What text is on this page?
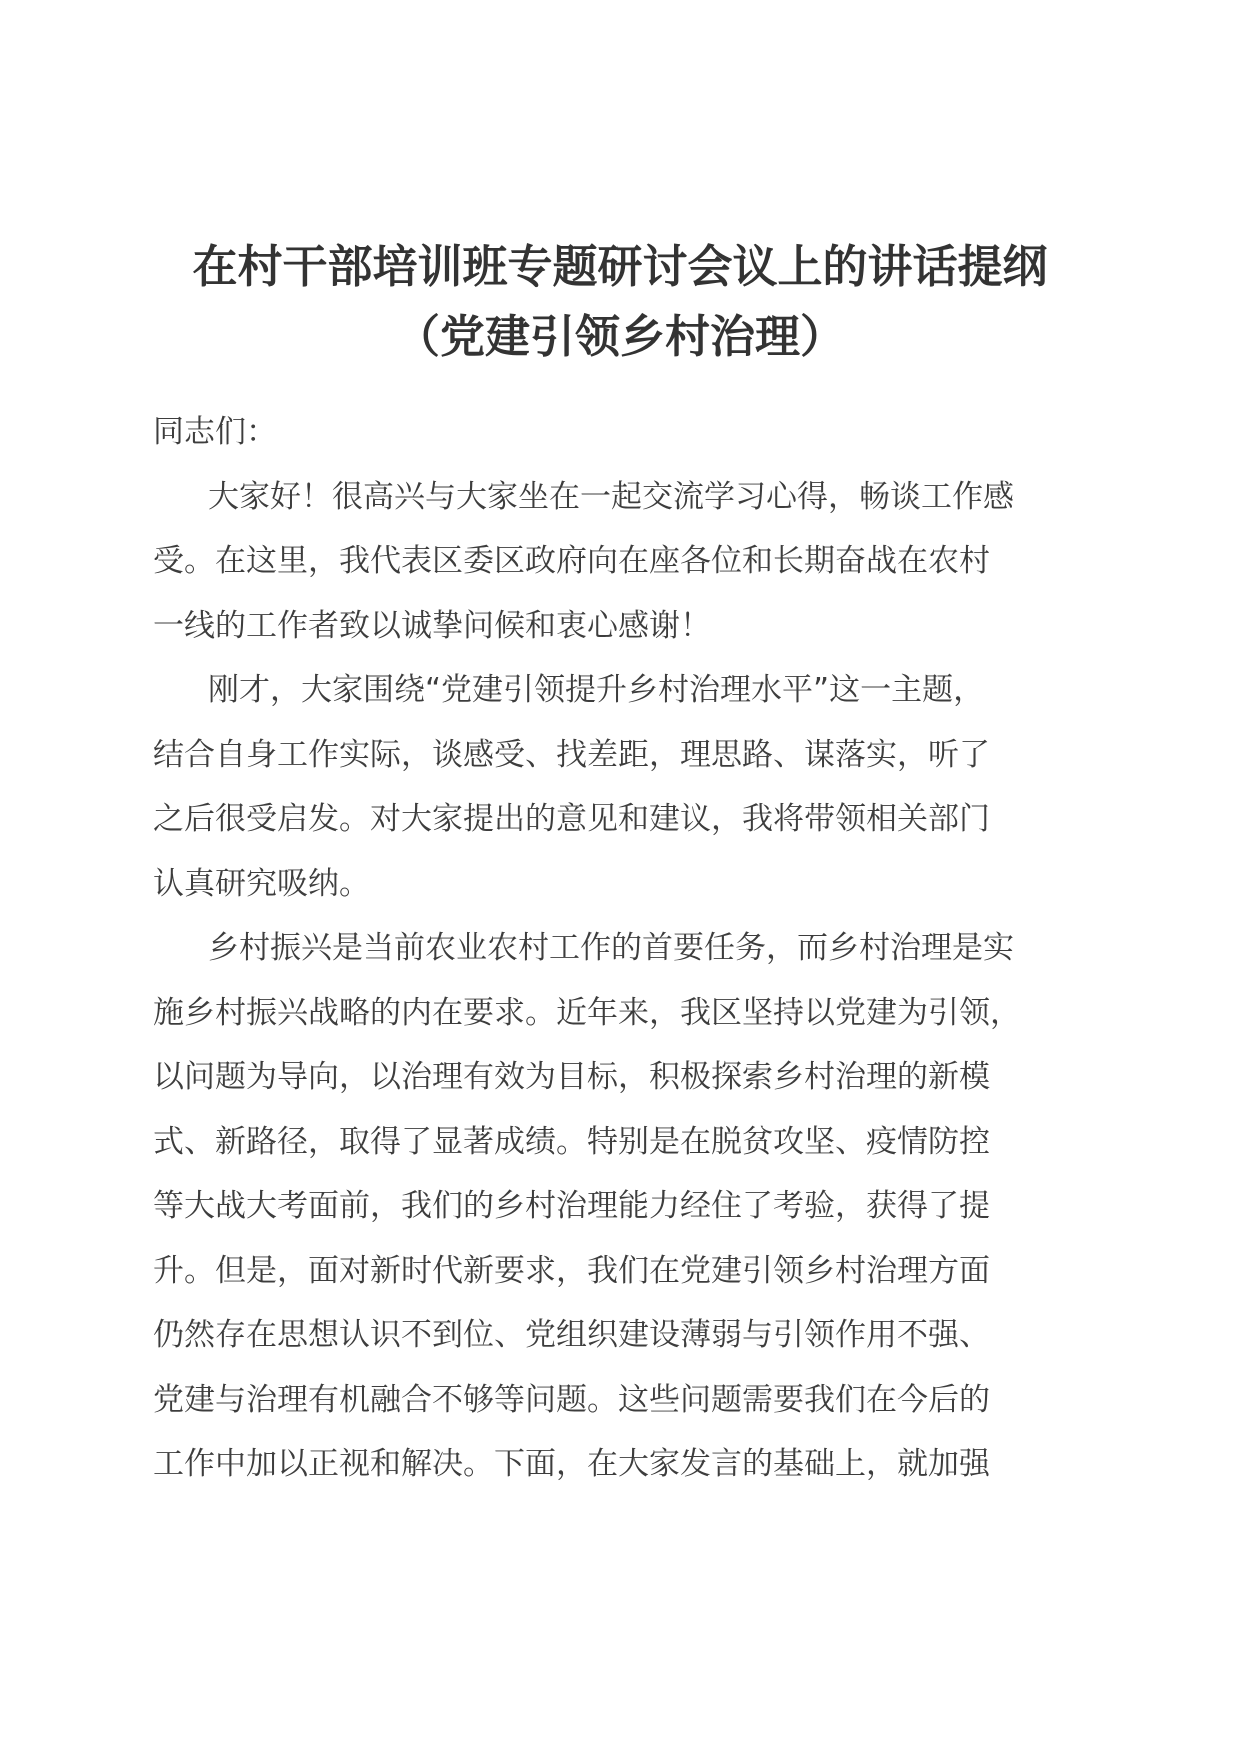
在村干部培训班专题研讨会议上的讲话提纲
（党建引领乡村治理）

同志们：

大家好！很高兴与大家坐在一起交流学习心得，畅谈工作感
受。在这里，我代表区委区政府向在座各位和长期奋战在农村
一线的工作者致以诚挚问候和衷心感谢！

刚才，大家围绕“党建引领提升乡村治理水平”这一主题，
结合自身工作实际，谈感受、找差距，理思路、谋落实，听了
之后很受启发。对大家提出的意见和建议，我将带领相关部门
认真研究吸纳。

乡村振兴是当前农业农村工作的首要任务，而乡村治理是实
施乡村振兴战略的内在要求。近年来，我区坚持以党建为引领，
以问题为导向，以治理有效为目标，积极探索乡村治理的新模
式、新路径，取得了显著成绩。特别是在脱贫攻坚、疫情防控
等大战大考面前，我们的乡村治理能力经住了考验，获得了提
升。但是，面对新时代新要求，我们在党建引领乡村治理方面
仍然存在思想认识不到位、党组织建设薄弱与引领作用不强、
党建与治理有机融合不够等问题。这些问题需要我们在今后的
工作中加以正视和解决。下面，在大家发言的基础上，就加强
